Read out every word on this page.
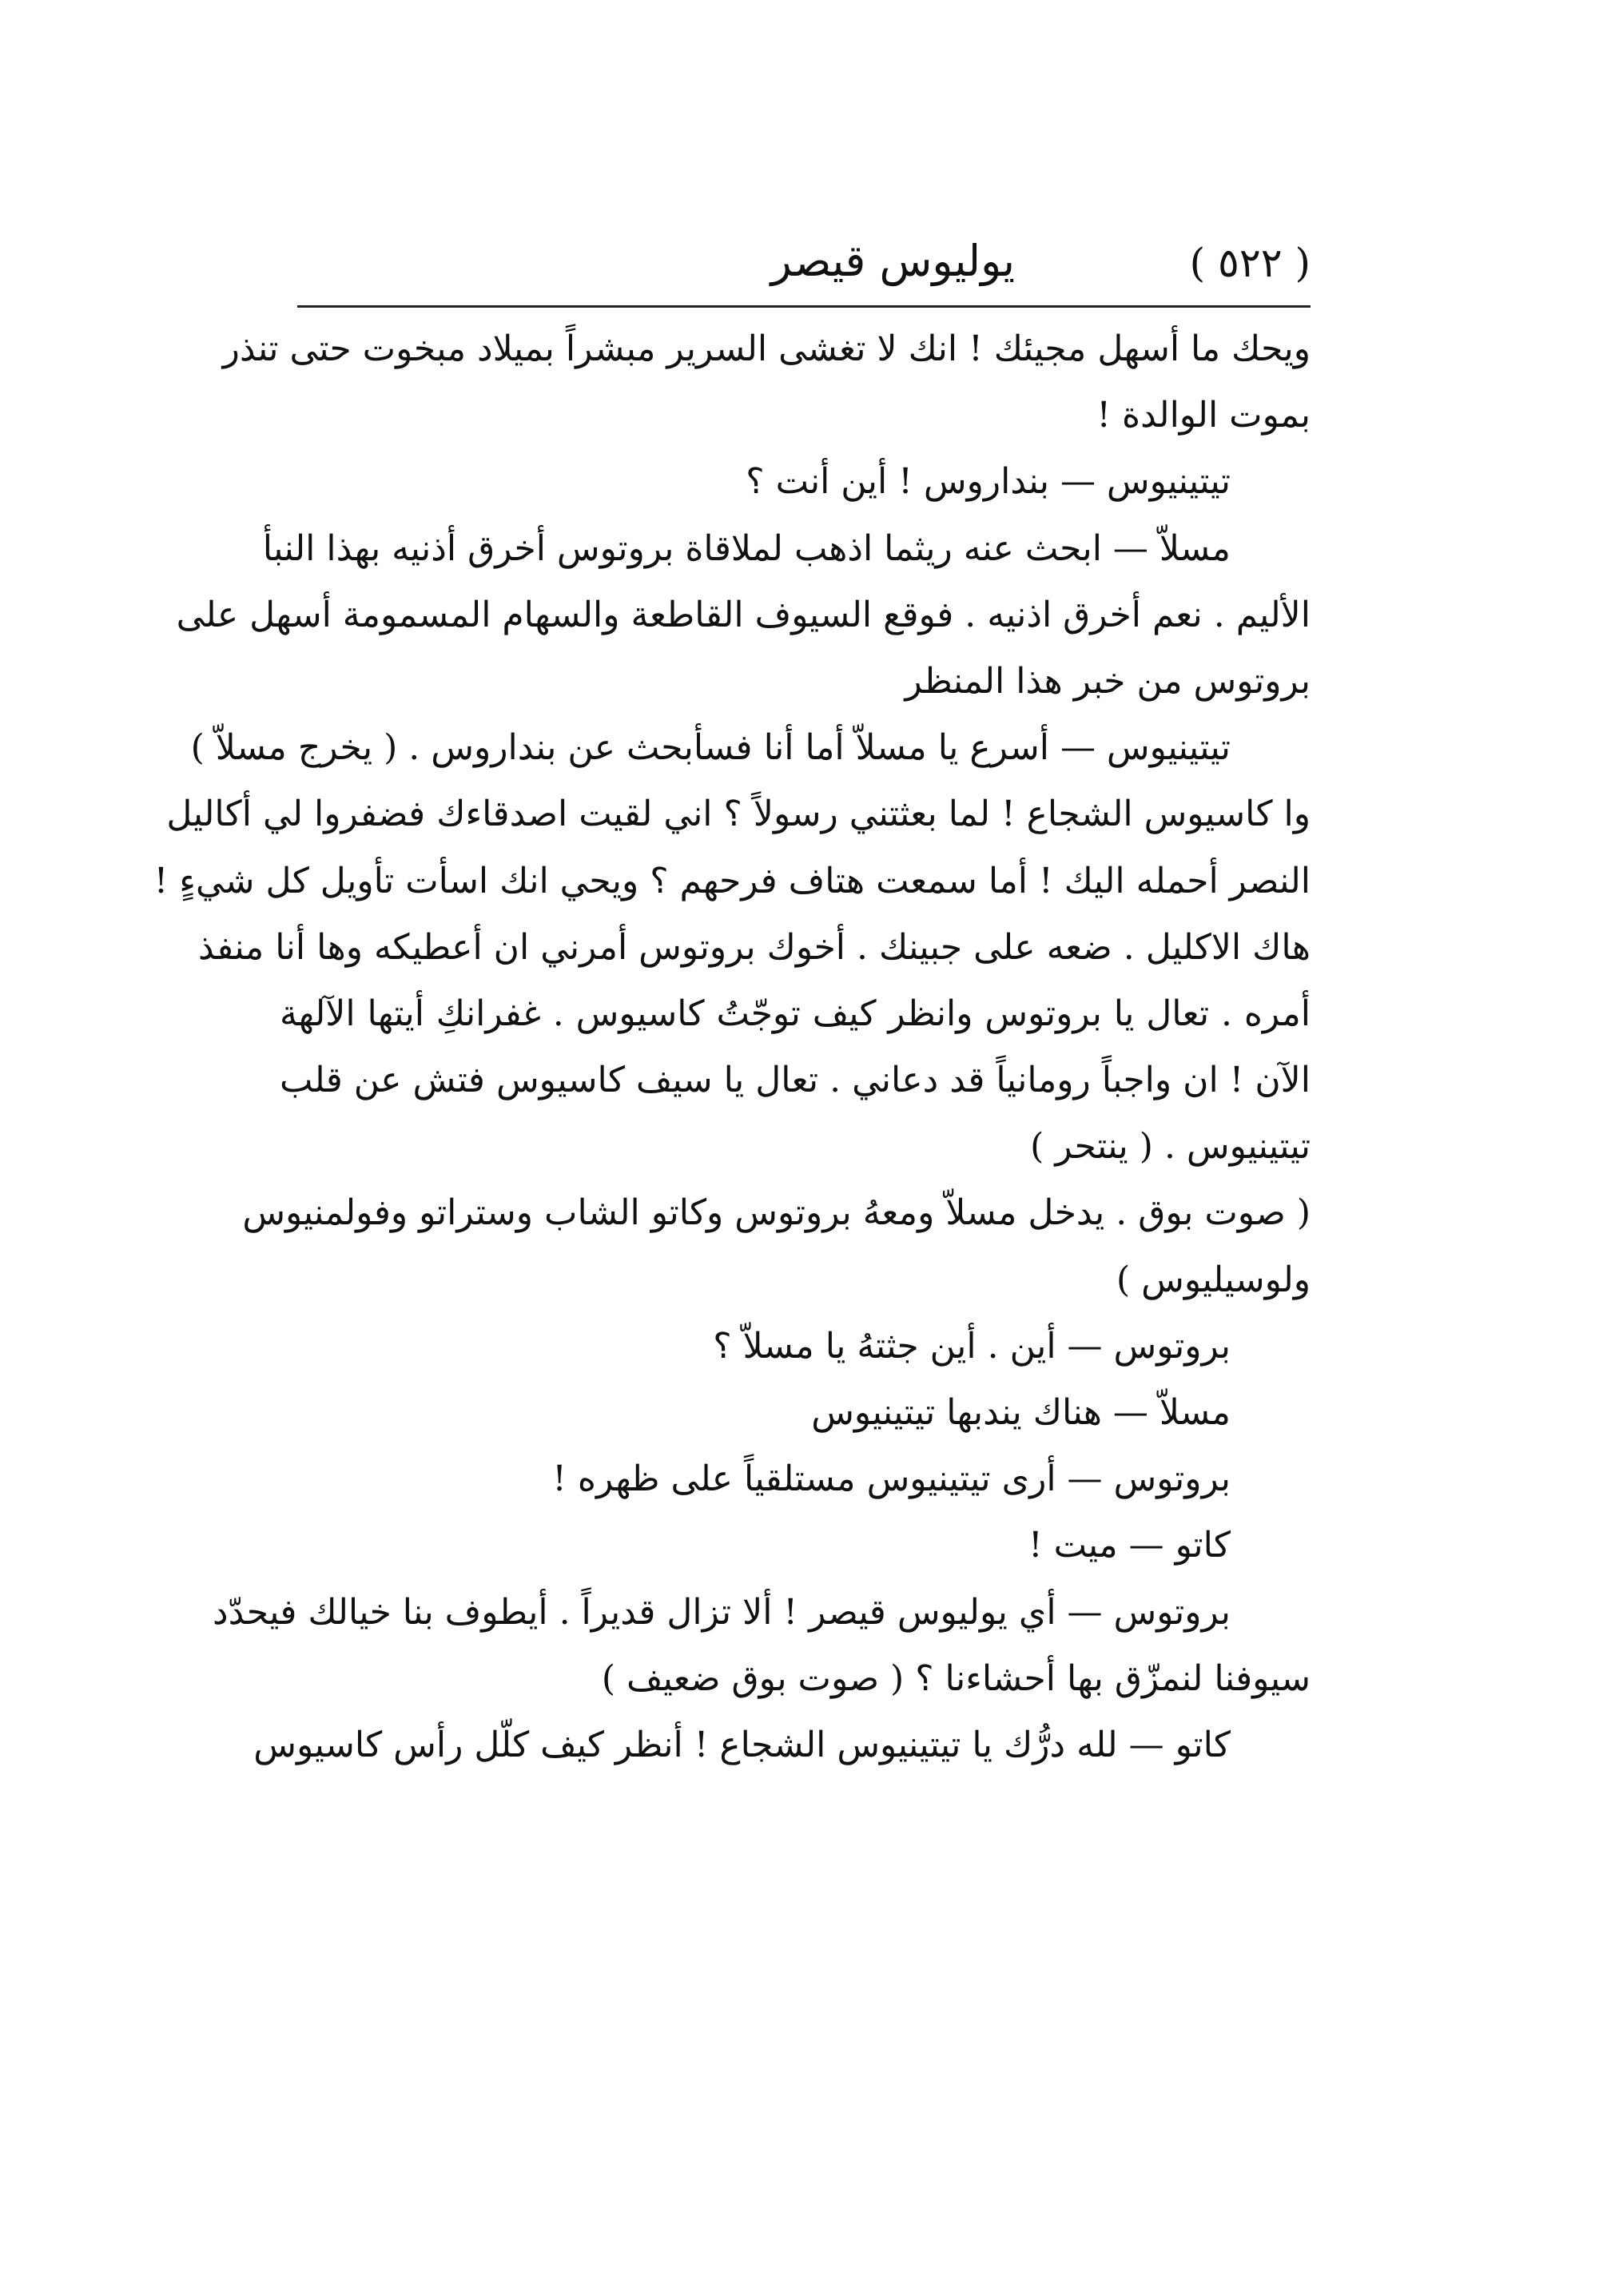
( ٥٢٢ )
يوليوس قيصر
ويحك ما أسهل مجيئك ! انك لا تغشى السرير مبشراً بميلاد مبخوت حتى تنذر
بموت الوالدة !
تيتينيوس — بنداروس ! أين أنت ؟
مسلاّ — ابحث عنه ريثما اذهب لملاقاة بروتوس أخرق أذنيه بهذا النبأ
الأليم . نعم أخرق اذنيه . فوقع السيوف القاطعة والسهام المسمومة أسهل على
بروتوس من خبر هذا المنظر
تيتينيوس — أسرع يا مسلاّ أما أنا فسأبحث عن بنداروس . ( يخرج مسلاّ )
وا كاسيوس الشجاع ! لما بعثتني رسولاً ؟ اني لقيت اصدقاءك فضفروا لي أكاليل
النصر أحمله اليك ! أما سمعت هتاف فرحهم ؟ ويحي انك اسأت تأويل كل شيءٍ !
هاك الاكليل . ضعه على جبينك . أخوك بروتوس أمرني ان أعطيكه وها أنا منفذ
أمره . تعال يا بروتوس وانظر كيف توجّتُ كاسيوس . غفرانكِ أيتها الآلهة
الآن ! ان واجباً رومانياً قد دعاني . تعال يا سيف كاسيوس فتش عن قلب
تيتينيوس . ( ينتحر )
( صوت بوق . يدخل مسلاّ ومعهُ بروتوس وكاتو الشاب وستراتو وفولمنيوس
ولوسيليوس )
بروتوس — أين . أين جثتهُ يا مسلاّ ؟
مسلاّ — هناك يندبها تيتينيوس
بروتوس — أرى تيتينيوس مستلقياً على ظهره !
كاتو — ميت !
بروتوس — أي يوليوس قيصر ! ألا تزال قديراً . أيطوف بنا خيالك فيحدّد
سيوفنا لنمزّق بها أحشاءنا ؟ ( صوت بوق ضعيف )
كاتو — لله درُّك يا تيتينيوس الشجاع ! أنظر كيف كلّل رأس كاسيوس
